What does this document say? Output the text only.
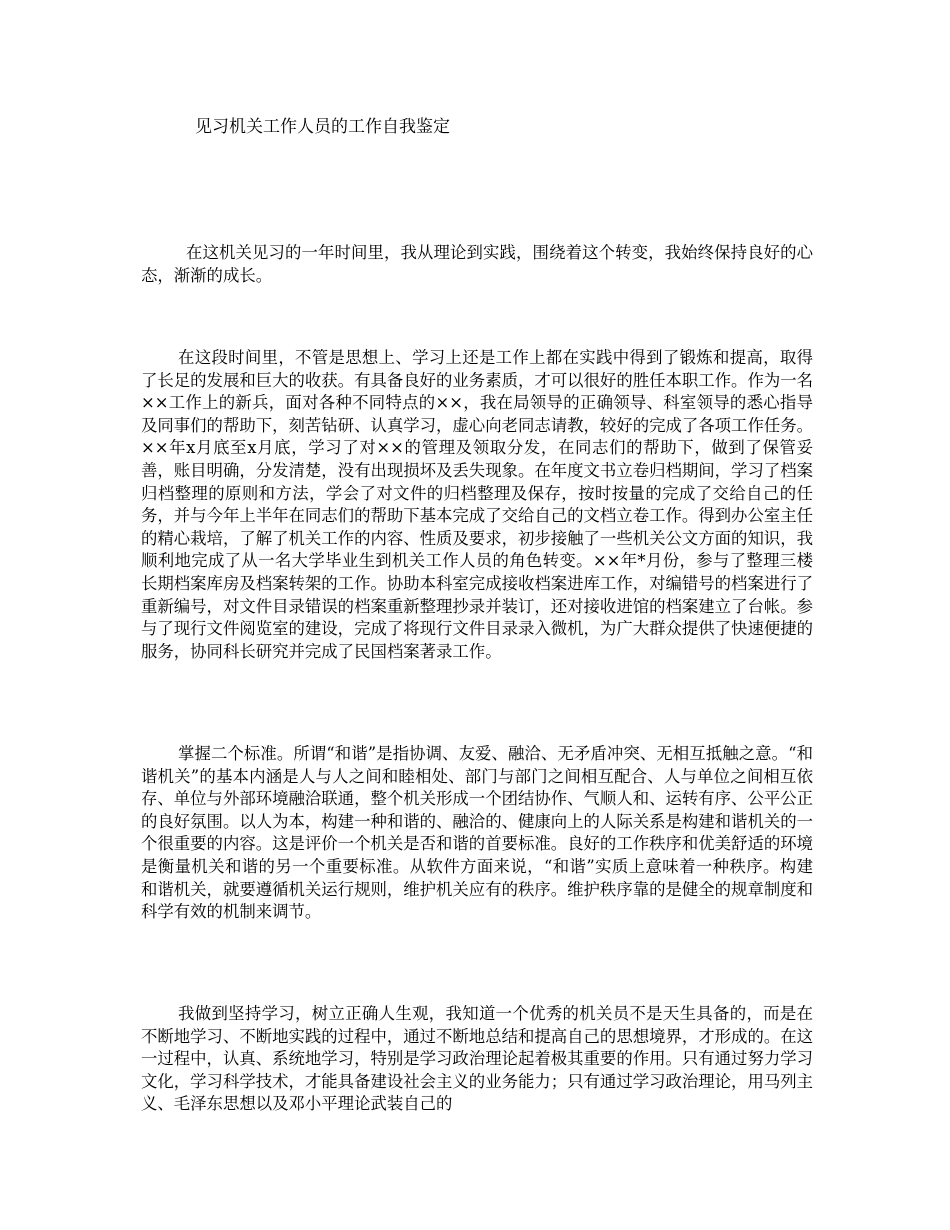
见习机关工作人员的工作自我鉴定

在这机关见习的一年时间里，我从理论到实践，围绕着这个转变，我始终保持良好的心态，渐渐的成长。

在这段时间里，不管是思想上、学习上还是工作上都在实践中得到了锻炼和提高，取得了长足的发展和巨大的收获。有具备良好的业务素质，才可以很好的胜任本职工作。作为一名××工作上的新兵，面对各种不同特点的××，我在局领导的正确领导、科室领导的悉心指导及同事们的帮助下，刻苦钻研、认真学习，虚心向老同志请教，较好的完成了各项工作任务。××年x月底至x月底，学习了对××的管理及领取分发，在同志们的帮助下，做到了保管妥善，账目明确，分发清楚，没有出现损坏及丢失现象。在年度文书立卷归档期间，学习了档案归档整理的原则和方法，学会了对文件的归档整理及保存，按时按量的完成了交给自己的任务，并与今年上半年在同志们的帮助下基本完成了交给自己的文档立卷工作。得到办公室主任的精心栽培，了解了机关工作的内容、性质及要求，初步接触了一些机关公文方面的知识，我顺利地完成了从一名大学毕业生到机关工作人员的角色转变。××年*月份，参与了整理三楼长期档案库房及档案转架的工作。协助本科室完成接收档案进库工作，对编错号的档案进行了重新编号，对文件目录错误的档案重新整理抄录并装订，还对接收进馆的档案建立了台帐。参与了现行文件阅览室的建设，完成了将现行文件目录录入微机，为广大群众提供了快速便捷的服务，协同科长研究并完成了民国档案著录工作。

掌握二个标准。所谓“和谐”是指协调、友爱、融洽、无矛盾冲突、无相互抵触之意。“和谐机关”的基本内涵是人与人之间和睦相处、部门与部门之间相互配合、人与单位之间相互依存、单位与外部环境融洽联通，整个机关形成一个团结协作、气顺人和、运转有序、公平公正的良好氛围。以人为本，构建一种和谐的、融洽的、健康向上的人际关系是构建和谐机关的一个很重要的内容。这是评价一个机关是否和谐的首要标准。良好的工作秩序和优美舒适的环境是衡量机关和谐的另一个重要标准。从软件方面来说，“和谐”实质上意味着一种秩序。构建和谐机关，就要遵循机关运行规则，维护机关应有的秩序。维护秩序靠的是健全的规章制度和科学有效的机制来调节。

我做到坚持学习，树立正确人生观，我知道一个优秀的机关员不是天生具备的，而是在不断地学习、不断地实践的过程中，通过不断地总结和提高自己的思想境界，才形成的。在这一过程中，认真、系统地学习，特别是学习政治理论起着极其重要的作用。只有通过努力学习文化，学习科学技术，才能具备建设社会主义的业务能力；只有通过学习政治理论，用马列主义、毛泽东思想以及邓小平理论武装自己的
